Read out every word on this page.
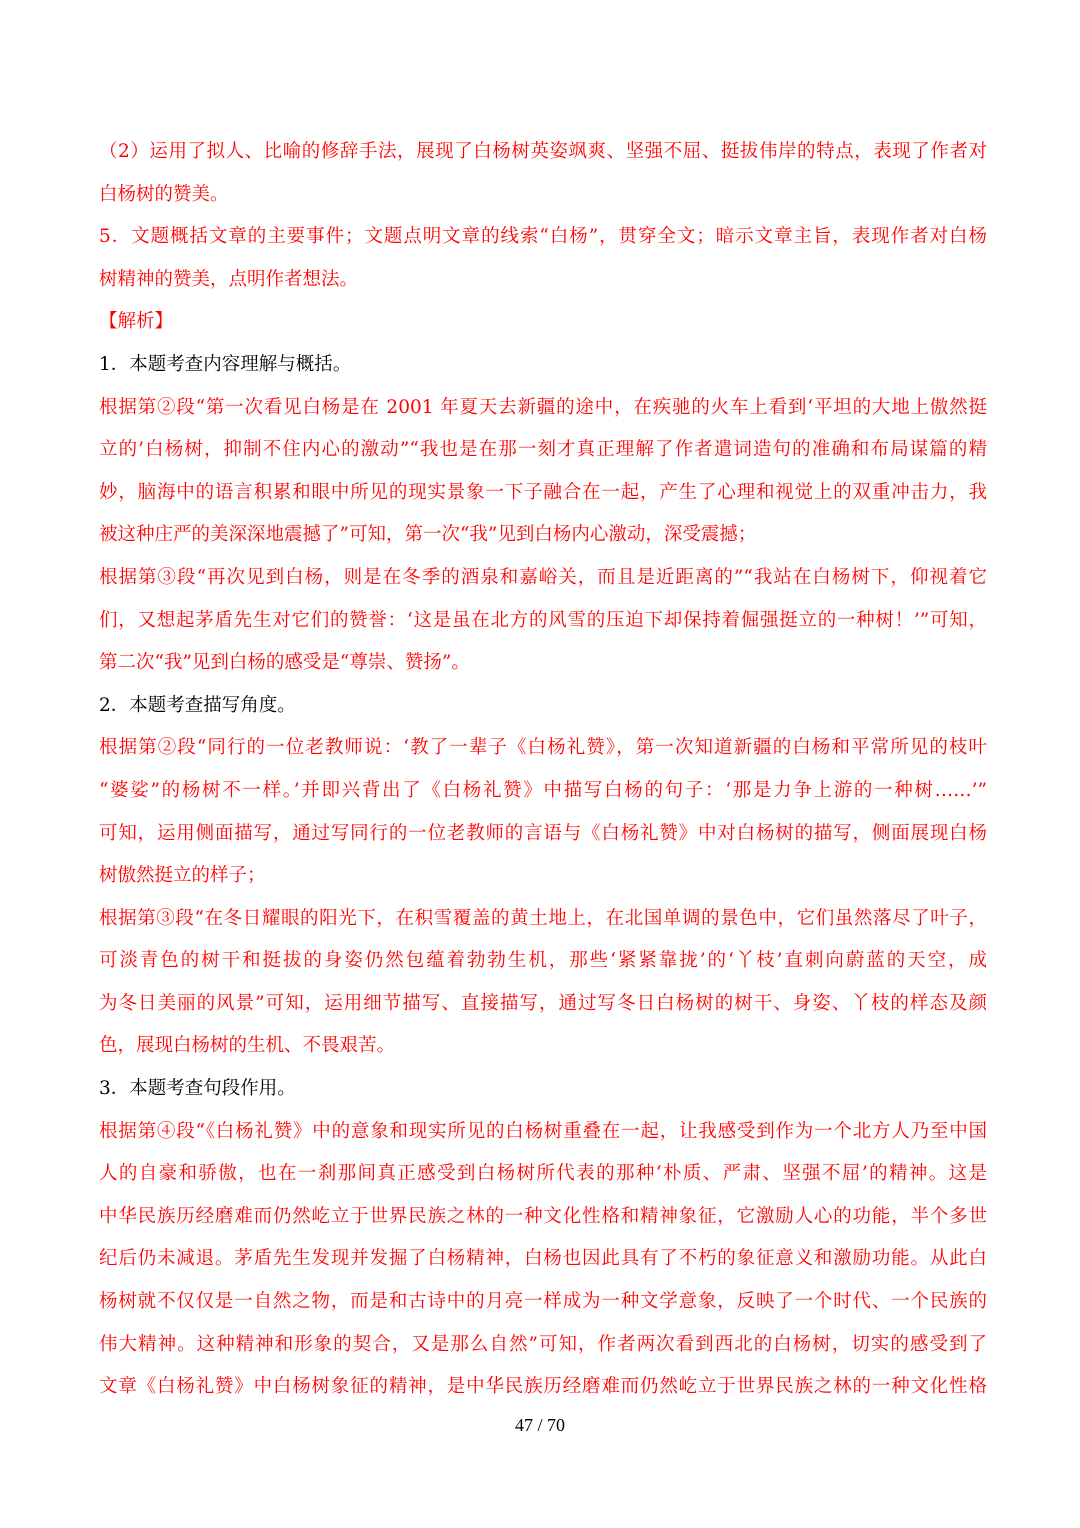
（2）运用了拟人、比喻的修辞手法，展现了白杨树英姿飒爽、坚强不屈、挺拔伟岸的特点，表现了作者对
白杨树的赞美。
5．文题概括文章的主要事件；文题点明文章的线索“白杨”，贯穿全文；暗示文章主旨，表现作者对白杨
树精神的赞美，点明作者想法。
【解析】
1．本题考查内容理解与概括。
根据第②段“第一次看见白杨是在 2001 年夏天去新疆的途中，在疾驰的火车上看到‘平坦的大地上傲然挺
立的’白杨树，抑制不住内心的激动”“我也是在那一刻才真正理解了作者遣词造句的准确和布局谋篇的精
妙，脑海中的语言积累和眼中所见的现实景象一下子融合在一起，产生了心理和视觉上的双重冲击力，我
被这种庄严的美深深地震撼了”可知，第一次“我”见到白杨内心激动，深受震撼；
根据第③段“再次见到白杨，则是在冬季的酒泉和嘉峪关，而且是近距离的”“我站在白杨树下，仰视着它
们，又想起茅盾先生对它们的赞誉：‘这是虽在北方的风雪的压迫下却保持着倔强挺立的一种树！’”可知，
第二次“我”见到白杨的感受是“尊崇、赞扬”。
2．本题考查描写角度。
根据第②段“同行的一位老教师说：‘教了一辈子《白杨礼赞》，第一次知道新疆的白杨和平常所见的枝叶
“婆娑”的杨树不一样。’并即兴背出了《白杨礼赞》中描写白杨的句子：‘那是力争上游的一种树……’”
可知，运用侧面描写，通过写同行的一位老教师的言语与《白杨礼赞》中对白杨树的描写，侧面展现白杨
树傲然挺立的样子；
根据第③段“在冬日耀眼的阳光下，在积雪覆盖的黄土地上，在北国单调的景色中，它们虽然落尽了叶子，
可淡青色的树干和挺拔的身姿仍然包蕴着勃勃生机，那些‘紧紧靠拢’的‘丫枝’直刺向蔚蓝的天空，成
为冬日美丽的风景”可知，运用细节描写、直接描写，通过写冬日白杨树的树干、身姿、丫枝的样态及颜
色，展现白杨树的生机、不畏艰苦。
3．本题考查句段作用。
根据第④段“《白杨礼赞》中的意象和现实所见的白杨树重叠在一起，让我感受到作为一个北方人乃至中国
人的自豪和骄傲，也在一刹那间真正感受到白杨树所代表的那种‘朴质、严肃、坚强不屈’的精神。这是
中华民族历经磨难而仍然屹立于世界民族之林的一种文化性格和精神象征，它激励人心的功能，半个多世
纪后仍未减退。茅盾先生发现并发掘了白杨精神，白杨也因此具有了不朽的象征意义和激励功能。从此白
杨树就不仅仅是一自然之物，而是和古诗中的月亮一样成为一种文学意象，反映了一个时代、一个民族的
伟大精神。这种精神和形象的契合，又是那么自然”可知，作者两次看到西北的白杨树，切实的感受到了
文章《白杨礼赞》中白杨树象征的精神，是中华民族历经磨难而仍然屹立于世界民族之林的一种文化性格
47 / 70
